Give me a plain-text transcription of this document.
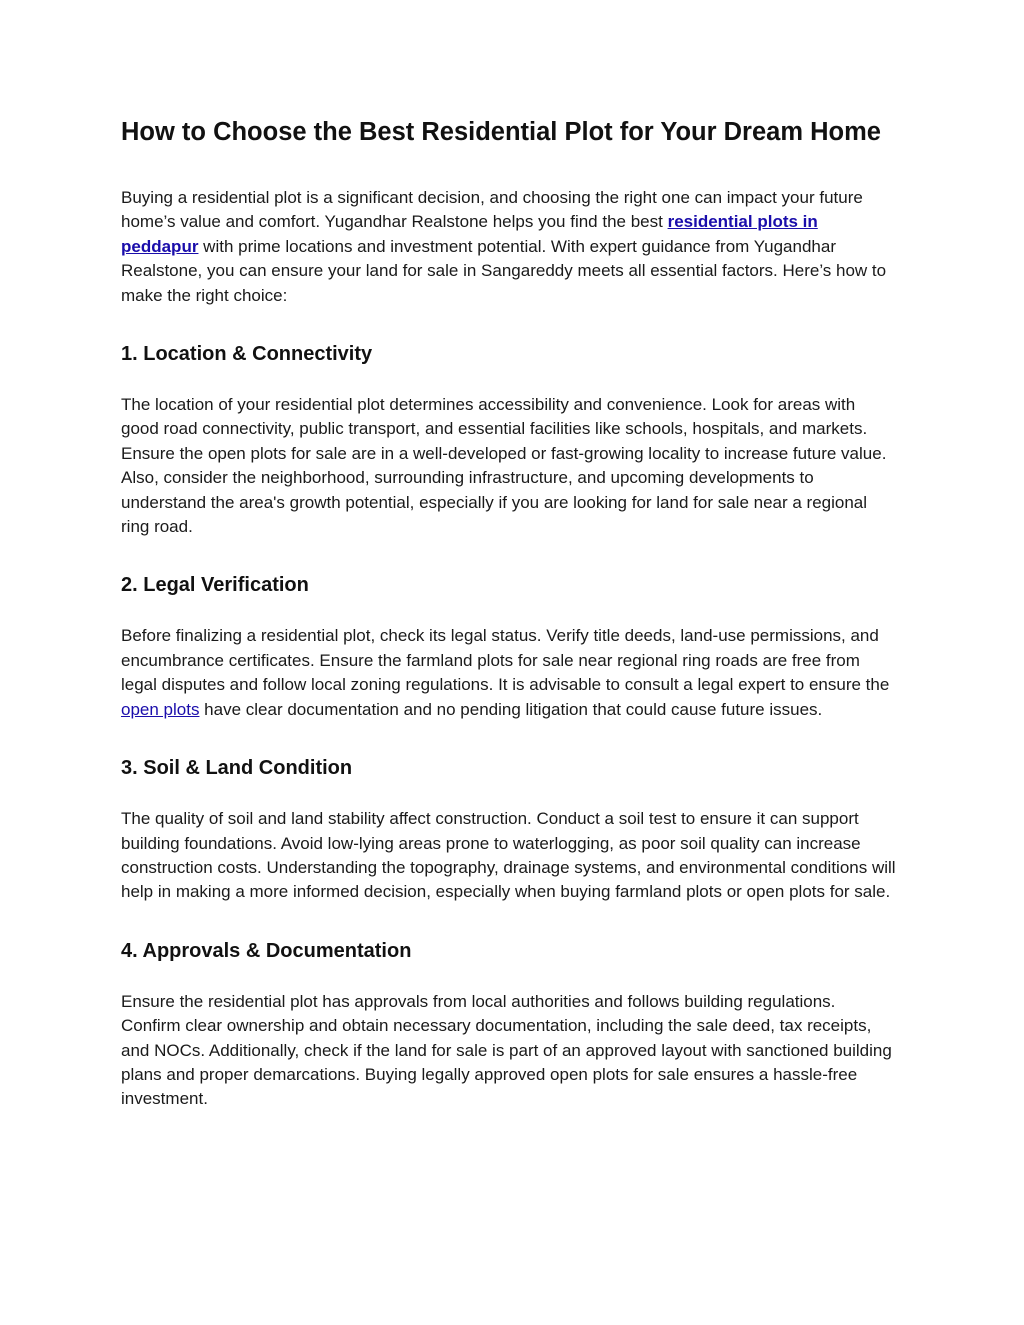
How to Choose the Best Residential Plot for Your Dream Home

Buying a residential plot is a significant decision, and choosing the right one can impact your future home’s value and comfort. Yugandhar Realstone helps you find the best residential plots in peddapur with prime locations and investment potential. With expert guidance from Yugandhar Realstone, you can ensure your land for sale in Sangareddy meets all essential factors. Here’s how to make the right choice:

1. Location & Connectivity

The location of your residential plot determines accessibility and convenience. Look for areas with good road connectivity, public transport, and essential facilities like schools, hospitals, and markets. Ensure the open plots for sale are in a well-developed or fast-growing locality to increase future value. Also, consider the neighborhood, surrounding infrastructure, and upcoming developments to understand the area's growth potential, especially if you are looking for land for sale near a regional ring road.

2. Legal Verification

Before finalizing a residential plot, check its legal status. Verify title deeds, land-use permissions, and encumbrance certificates. Ensure the farmland plots for sale near regional ring roads are free from legal disputes and follow local zoning regulations. It is advisable to consult a legal expert to ensure the open plots have clear documentation and no pending litigation that could cause future issues.

3. Soil & Land Condition

The quality of soil and land stability affect construction. Conduct a soil test to ensure it can support building foundations. Avoid low-lying areas prone to waterlogging, as poor soil quality can increase construction costs. Understanding the topography, drainage systems, and environmental conditions will help in making a more informed decision, especially when buying farmland plots or open plots for sale.

4. Approvals & Documentation

Ensure the residential plot has approvals from local authorities and follows building regulations. Confirm clear ownership and obtain necessary documentation, including the sale deed, tax receipts, and NOCs. Additionally, check if the land for sale is part of an approved layout with sanctioned building plans and proper demarcations. Buying legally approved open plots for sale ensures a hassle-free investment.
